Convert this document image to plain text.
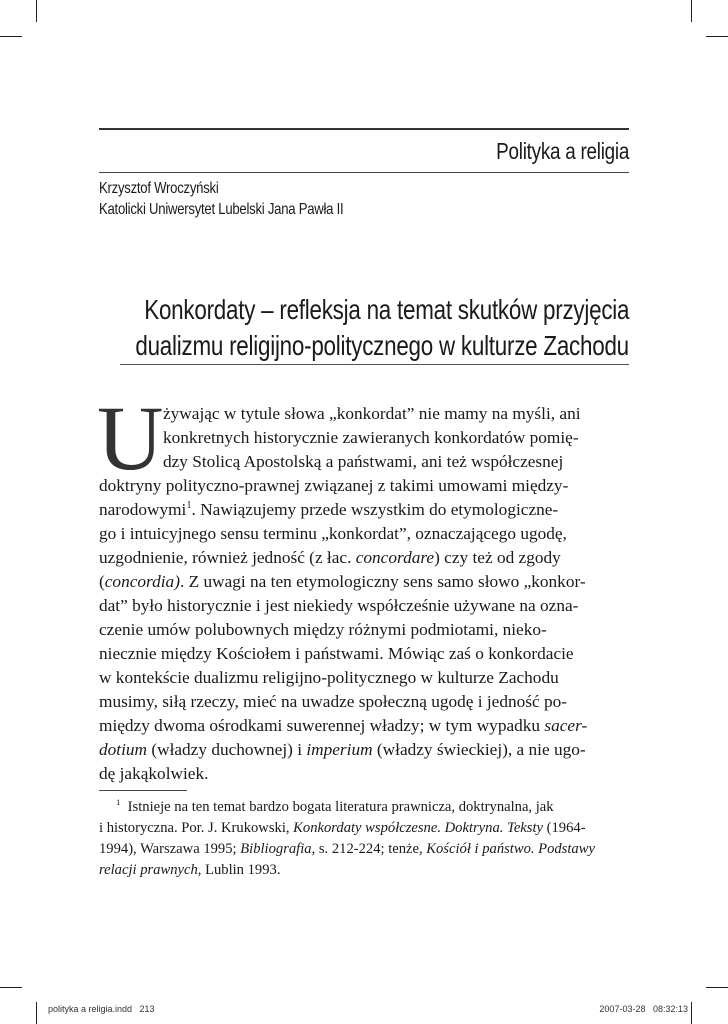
Polityka a religia
Krzysztof Wroczyński
Katolicki Uniwersytet Lubelski Jana Pawła II
Konkordaty – refleksja na temat skutków przyjęcia
dualizmu religijno-politycznego w kulturze Zachodu
U żywając w tytule słowa „konkordat” nie mamy na myśli, ani
konkretnych historycznie zawieranych konkordatów pomię-
dzy Stolicą Apostolską a państwami, ani też współczesnej
doktryny polityczno-prawnej związanej z takimi umowami między-
narodowymi$^1$. Nawiązujemy przede wszystkim do etymologiczne-
go i intuicyjnego sensu terminu „konkordat”, oznaczającego ugodę,
uzgodnienie, również jedność (z łac. concordare) czy też od zgody
(concordia). Z uwagi na ten etymologiczny sens samo słowo „konkor-
dat” było historycznie i jest niekiedy współcześnie używane na ozna-
czenie umów polubownych między różnymi podmiotami, nieko-
niecznie między Kościołem i państwami. Mówiąc zaś o konkordacie
w kontekście dualizmu religijno-politycznego w kulturze Zachodu
musimy, siłą rzeczy, mieć na uwadze społeczną ugodę i jedność po-
między dwoma ośrodkami suwerennej władzy; w tym wypadku sacer-
dotium (władzy duchownej) i imperium (władzy świeckiej), a nie ugo-
dę jakąkolwiek.
$^1$ Istnieje na ten temat bardzo bogata literatura prawnicza, doktrynalna, jak
i historyczna. Por. J. Krukowski, Konkordaty współczesne. Doktryna. Teksty (1964-
1994), Warszawa 1995; Bibliografia, s. 212-224; tenże, Kościół i państwo. Podstawy
relacji prawnych, Lublin 1993.
polityka a religia.indd   213	2007-03-28   08:32:13
